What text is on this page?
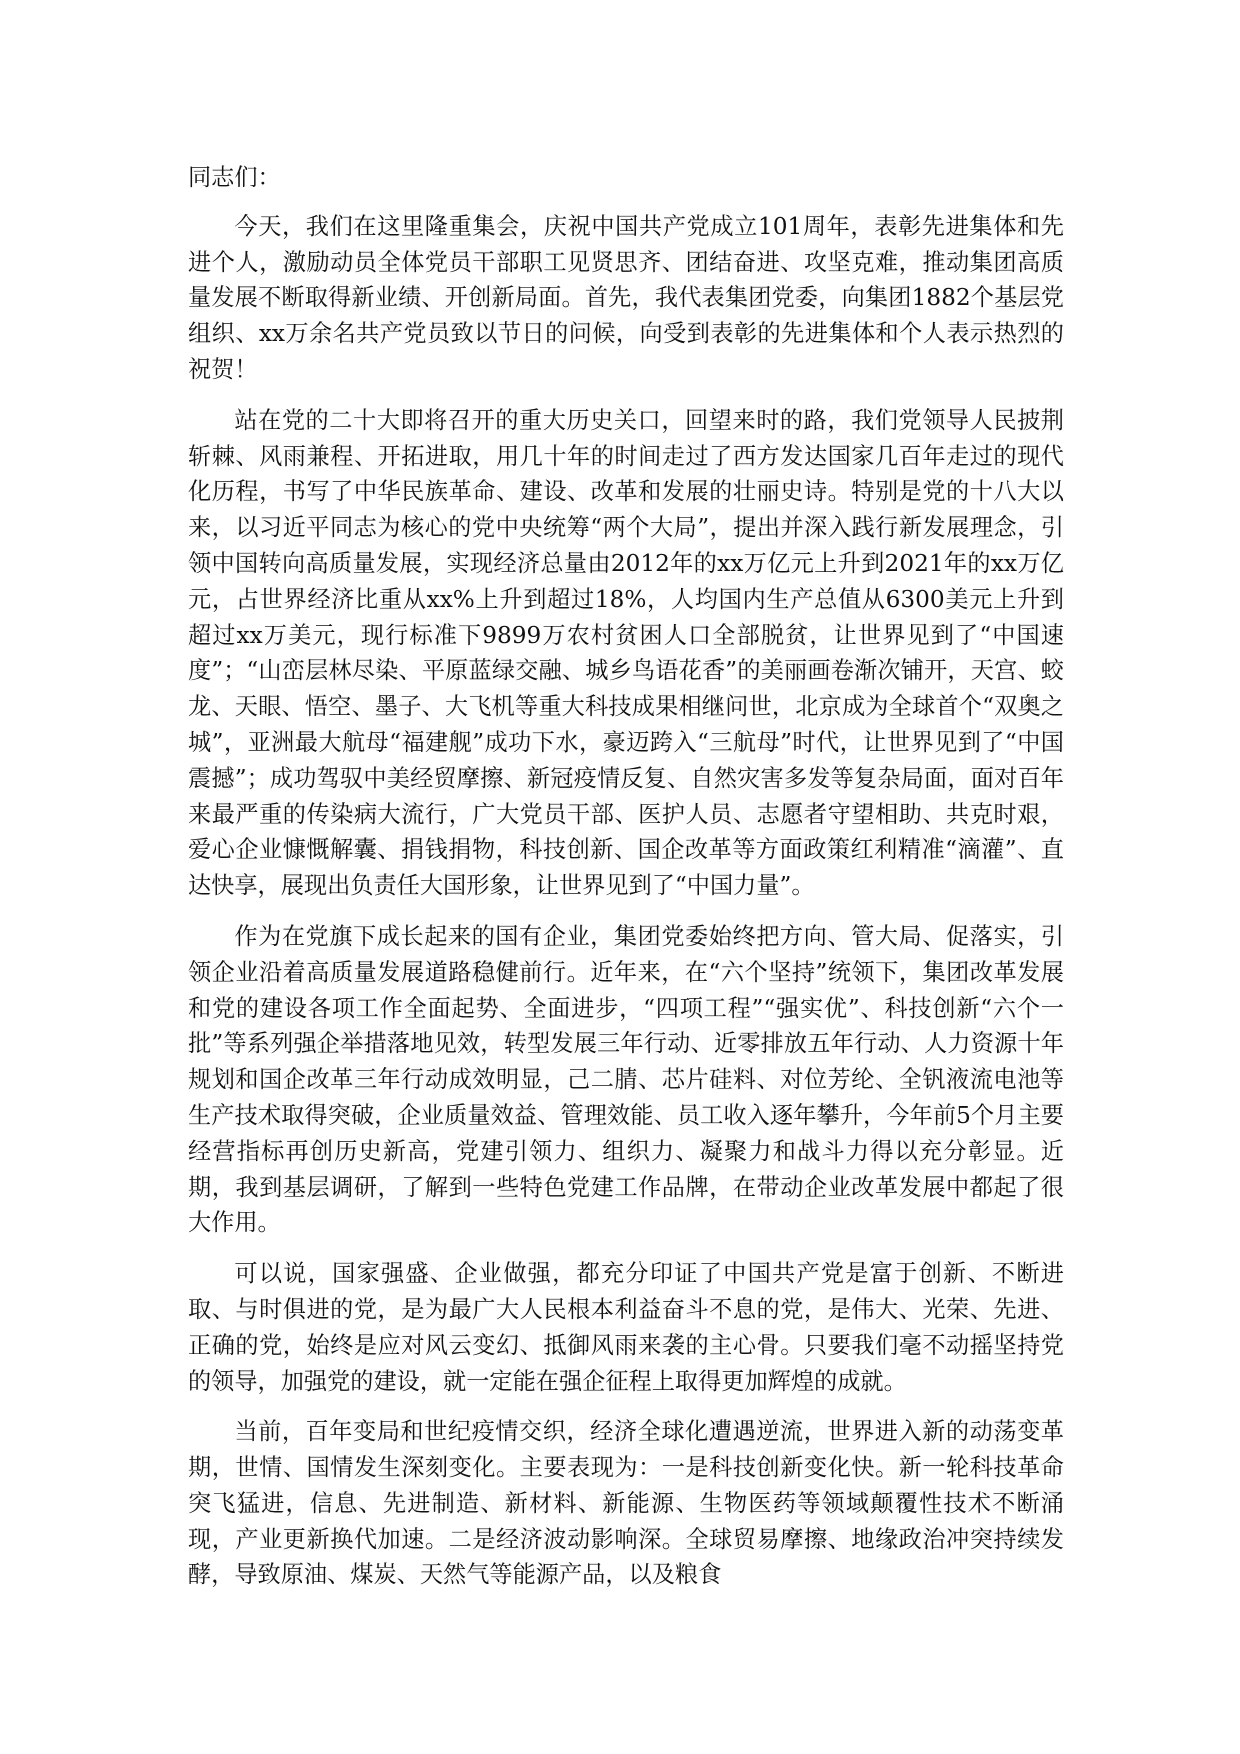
同志们：

今天，我们在这里隆重集会，庆祝中国共产党成立101周年，表彰先进集体和先进个人，激励动员全体党员干部职工见贤思齐、团结奋进、攻坚克难，推动集团高质量发展不断取得新业绩、开创新局面。首先，我代表集团党委，向集团1882个基层党组织、xx万余名共产党员致以节日的问候，向受到表彰的先进集体和个人表示热烈的祝贺！

站在党的二十大即将召开的重大历史关口，回望来时的路，我们党领导人民披荆斩棘、风雨兼程、开拓进取，用几十年的时间走过了西方发达国家几百年走过的现代化历程，书写了中华民族革命、建设、改革和发展的壮丽史诗。特别是党的十八大以来，以习近平同志为核心的党中央统筹“两个大局”，提出并深入践行新发展理念，引领中国转向高质量发展，实现经济总量由2012年的xx万亿元上升到2021年的xx万亿元，占世界经济比重从xx%上升到超过18%，人均国内生产总值从6300美元上升到超过xx万美元，现行标准下9899万农村贫困人口全部脱贫，让世界见到了“中国速度”；“山峦层林尽染、平原蓝绿交融、城乡鸟语花香”的美丽画卷渐次铺开，天宫、蛟龙、天眼、悟空、墨子、大飞机等重大科技成果相继问世，北京成为全球首个“双奥之城”，亚洲最大航母“福建舰”成功下水，豪迈跨入“三航母”时代，让世界见到了“中国震撼”；成功驾驭中美经贸摩擦、新冠疫情反复、自然灾害多发等复杂局面，面对百年来最严重的传染病大流行，广大党员干部、医护人员、志愿者守望相助、共克时艰，爱心企业慷慨解囊、捐钱捐物，科技创新、国企改革等方面政策红利精准“滴灌”、直达快享，展现出负责任大国形象，让世界见到了“中国力量”。

作为在党旗下成长起来的国有企业，集团党委始终把方向、管大局、促落实，引领企业沿着高质量发展道路稳健前行。近年来，在“六个坚持”统领下，集团改革发展和党的建设各项工作全面起势、全面进步，“四项工程”“强实优”、科技创新“六个一批”等系列强企举措落地见效，转型发展三年行动、近零排放五年行动、人力资源十年规划和国企改革三年行动成效明显，己二腈、芯片硅料、对位芳纶、全钒液流电池等生产技术取得突破，企业质量效益、管理效能、员工收入逐年攀升，今年前5个月主要经营指标再创历史新高，党建引领力、组织力、凝聚力和战斗力得以充分彰显。近期，我到基层调研，了解到一些特色党建工作品牌，在带动企业改革发展中都起了很大作用。

可以说，国家强盛、企业做强，都充分印证了中国共产党是富于创新、不断进取、与时俱进的党，是为最广大人民根本利益奋斗不息的党，是伟大、光荣、先进、正确的党，始终是应对风云变幻、抵御风雨来袭的主心骨。只要我们毫不动摇坚持党的领导，加强党的建设，就一定能在强企征程上取得更加辉煌的成就。

当前，百年变局和世纪疫情交织，经济全球化遭遇逆流，世界进入新的动荡变革期，世情、国情发生深刻变化。主要表现为：一是科技创新变化快。新一轮科技革命突飞猛进，信息、先进制造、新材料、新能源、生物医药等领域颠覆性技术不断涌现，产业更新换代加速。二是经济波动影响深。全球贸易摩擦、地缘政治冲突持续发酵，导致原油、煤炭、天然气等能源产品，以及粮食
